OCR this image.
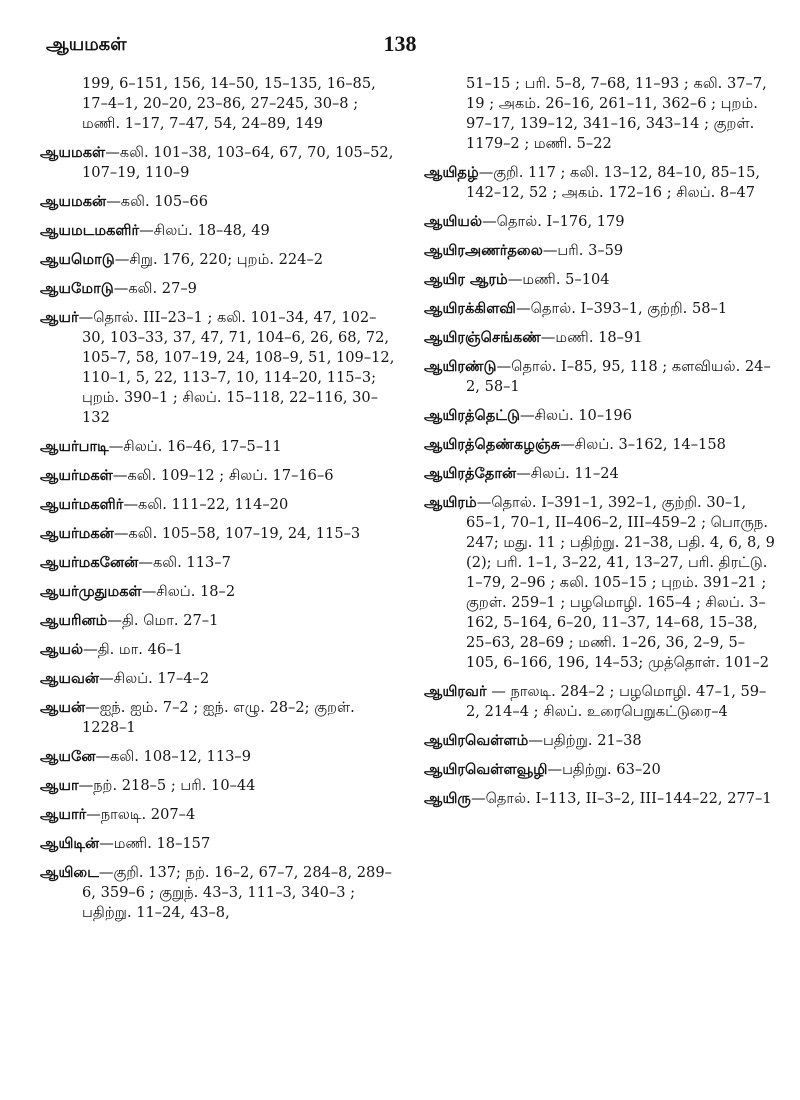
ஆயமகள்	138
199, 6–151, 156, 14–50, 15–135, 16–85, 17–4–1, 20–20, 23–86, 27–245, 30–8 ; மணி. 1–17, 7–47, 54, 24–89, 149
ஆயமகள்—கலி. 101–38, 103–64, 67, 70, 105–52, 107–19, 110–9
ஆயமகன்—கலி. 105–66
ஆயமடமகளிர்—சிலப். 18–48, 49
ஆயமொடு—சிறு. 176, 220; புறம். 224–2
ஆயமோடு—கலி. 27–9
ஆயர்—தொல். III–23–1 ; கலி. 101–34, 47, 102–30, 103–33, 37, 47, 71, 104–6, 26, 68, 72, 105–7, 58, 107–19, 24, 108–9, 51, 109–12, 110–1, 5, 22, 113–7, 10, 114–20, 115–3; புறம். 390–1 ; சிலப். 15–118, 22–116, 30–132
ஆயர்பாடி—சிலப். 16–46, 17–5–11
ஆயர்மகள்—கலி. 109–12 ; சிலப். 17–16–6
ஆயர்மகளிர்—கலி. 111–22, 114–20
ஆயர்மகன்—கலி. 105–58, 107–19, 24, 115–3
ஆயர்மகனேன்—கலி. 113–7
ஆயர்முதுமகள்—சிலப். 18–2
ஆயரினம்—தி. மொ. 27–1
ஆயல்—தி. மா. 46–1
ஆயவன்—சிலப். 17–4–2
ஆயன்—ஐந். ஐம். 7–2 ; ஐந். எழு. 28–2; குறள். 1228–1
ஆயனே—கலி. 108–12, 113–9
ஆயா—நற். 218–5 ; பரி. 10–44
ஆயார்—நாலடி. 207–4
ஆயிடின்—மணி. 18–157
ஆயிடை—குறி. 137; நற். 16–2, 67–7, 284–8, 289–6, 359–6 ; குறுந். 43–3, 111–3, 340–3 ; பதிற்று. 11–24, 43–8,
51–15 ; பரி. 5–8, 7–68, 11–93 ; கலி. 37–7, 19 ; அகம். 26–16, 261–11, 362–6 ; புறம். 97–17, 139–12, 341–16, 343–14 ; குறள். 1179–2 ; மணி. 5–22
ஆயிதழ்—குறி. 117 ; கலி. 13–12, 84–10, 85–15, 142–12, 52 ; அகம். 172–16 ; சிலப். 8–47
ஆயியல்—தொல். I–176, 179
ஆயிரஅணர்தலை—பரி. 3–59
ஆயிர ஆரம்—மணி. 5–104
ஆயிரக்கிளவி—தொல். I–393–1, குற்றி. 58–1
ஆயிரஞ்செங்கண்—மணி. 18–91
ஆயிரண்டு—தொல். I–85, 95, 118 ; களவியல். 24–2, 58–1
ஆயிரத்தெட்டு—சிலப். 10–196
ஆயிரத்தெண்கழஞ்சு—சிலப். 3–162, 14–158
ஆயிரத்தோன்—சிலப். 11–24
ஆயிரம்—தொல். I–391–1, 392–1, குற்றி. 30–1, 65–1, 70–1, II–406–2, III–459–2 ; பொருந. 247; மது. 11 ; பதிற்று. 21–38, பதி. 4, 6, 8, 9 (2); பரி. 1–1, 3–22, 41, 13–27, பரி. திரட்டு. 1–79, 2–96 ; கலி. 105–15 ; புறம். 391–21 ; குறள். 259–1 ; பழமொழி. 165–4 ; சிலப். 3–162, 5–164, 6–20, 11–37, 14–68, 15–38, 25–63, 28–69 ; மணி. 1–26, 36, 2–9, 5–105, 6–166, 196, 14–53; முத்தொள். 101–2
ஆயிரவர் — நாலடி. 284–2 ; பழமொழி. 47–1, 59–2, 214–4 ; சிலப். உரைபெறுகட்டுரை–4
ஆயிரவெள்ளம்—பதிற்று. 21–38
ஆயிரவெள்ளவூழி—பதிற்று. 63–20
ஆயிரு—தொல். I–113, II–3–2, III–144–22, 277–1
